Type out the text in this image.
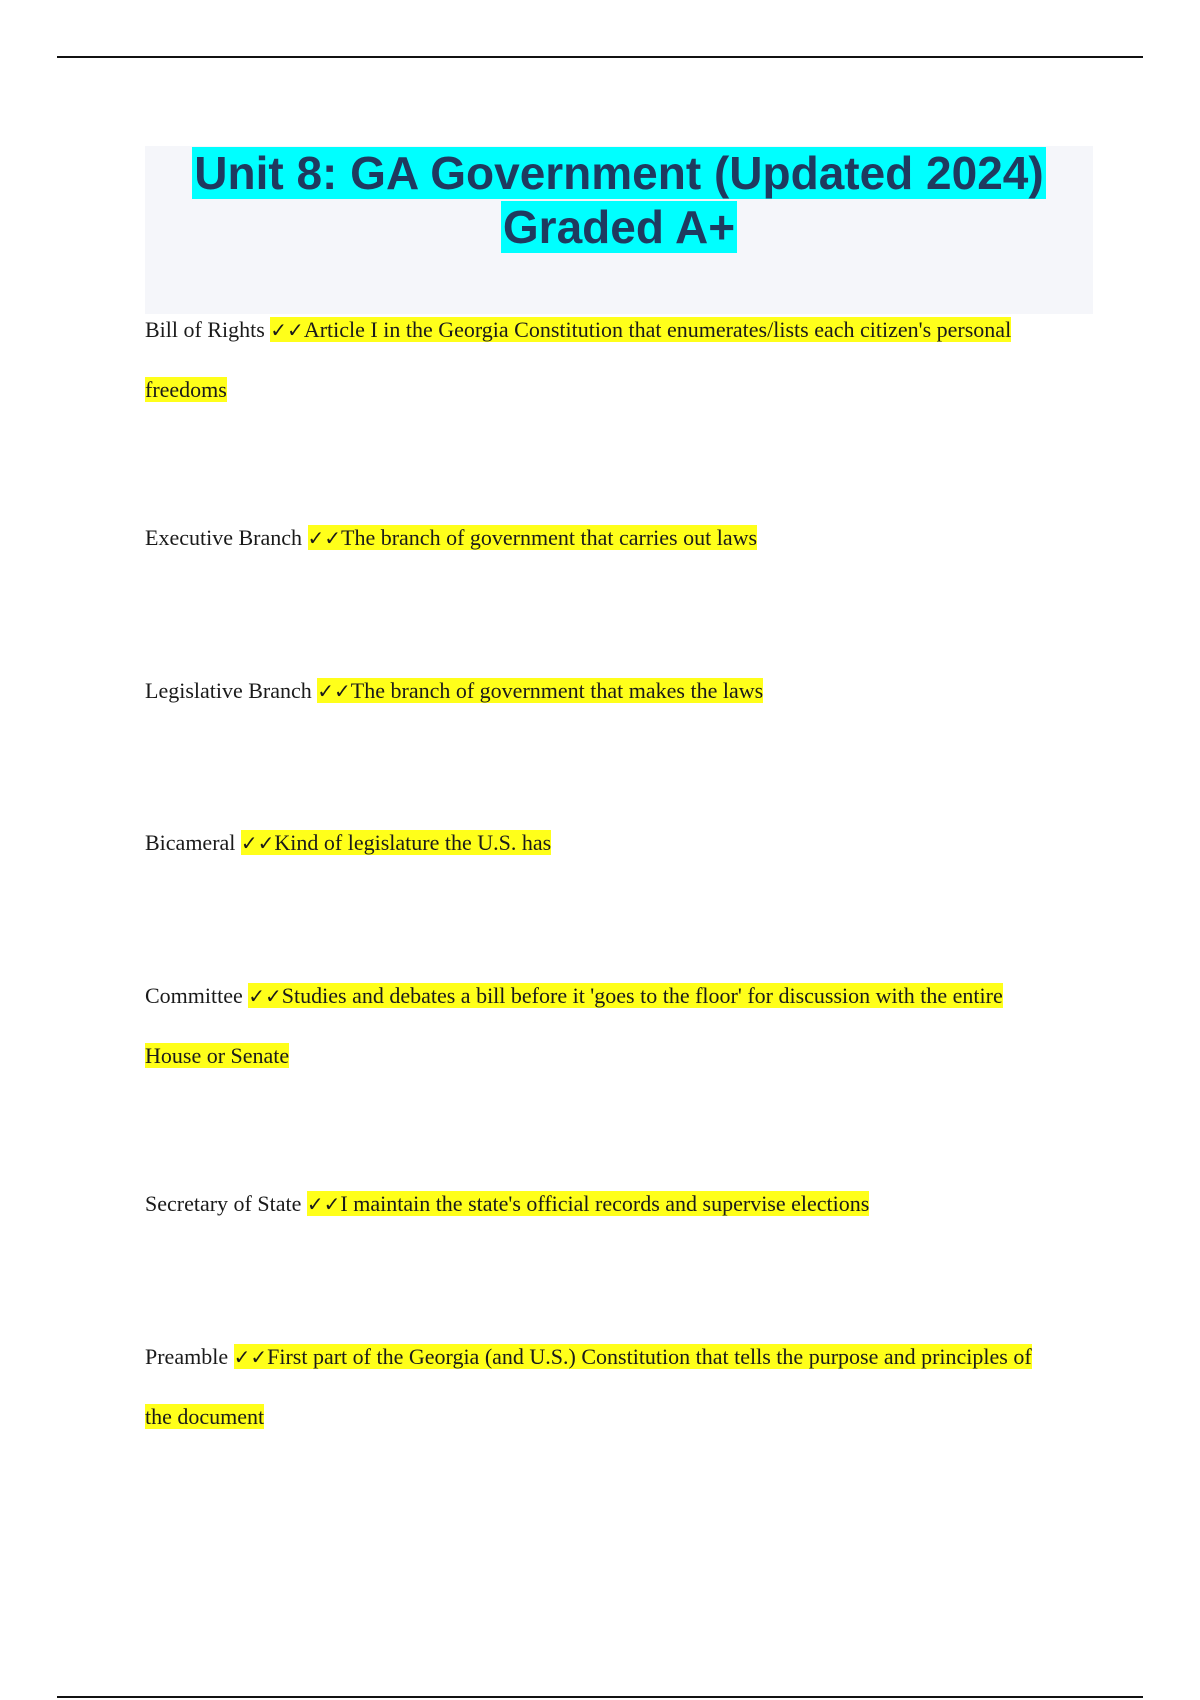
Unit 8: GA Government (Updated 2024) Graded A+

Bill of Rights ✓✓Article I in the Georgia Constitution that enumerates/lists each citizen's personal freedoms

Executive Branch ✓✓The branch of government that carries out laws

Legislative Branch ✓✓The branch of government that makes the laws

Bicameral ✓✓Kind of legislature the U.S. has

Committee ✓✓Studies and debates a bill before it 'goes to the floor' for discussion with the entire House or Senate

Secretary of State ✓✓I maintain the state's official records and supervise elections

Preamble ✓✓First part of the Georgia (and U.S.) Constitution that tells the purpose and principles of the document
